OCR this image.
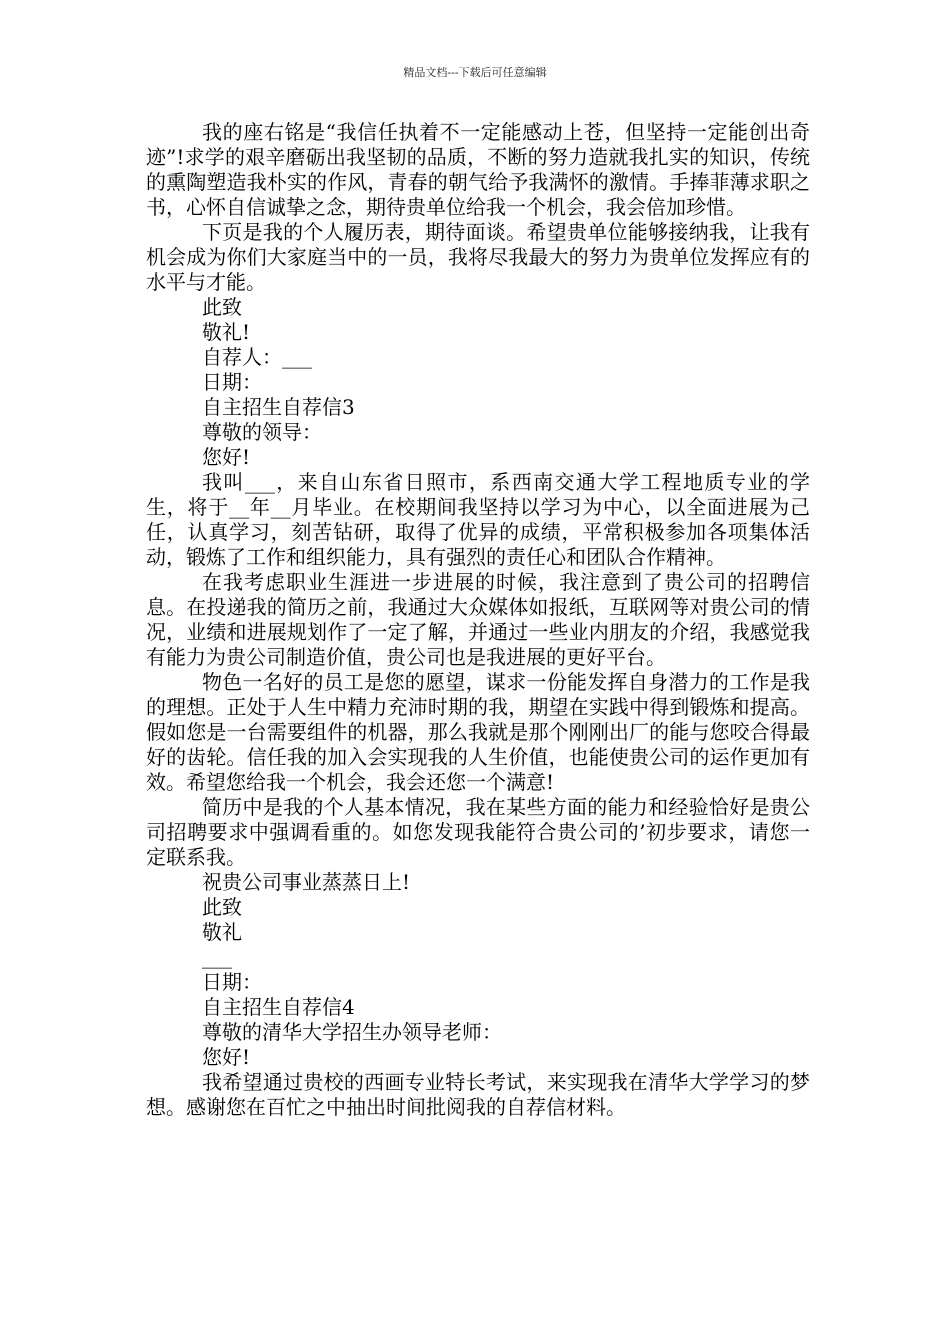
精品文档---下载后可任意编辑

我的座右铭是“我信任执着不一定能感动上苍，但坚持一定能创出奇迹”!求学的艰辛磨砺出我坚韧的品质，不断的努力造就我扎实的知识，传统的熏陶塑造我朴实的作风，青春的朝气给予我满怀的激情。手捧菲薄求职之书，心怀自信诚挚之念，期待贵单位给我一个机会，我会倍加珍惜。

下页是我的个人履历表，期待面谈。希望贵单位能够接纳我，让我有机会成为你们大家庭当中的一员，我将尽我最大的努力为贵单位发挥应有的水平与才能。

此致

敬礼!

自荐人：___

日期：

自主招生自荐信3

尊敬的领导：

您好!

我叫___，来自山东省日照市，系西南交通大学工程地质专业的学生，将于__年__月毕业。在校期间我坚持以学习为中心，以全面进展为己任，认真学习，刻苦钻研，取得了优异的成绩，平常积极参加各项集体活动，锻炼了工作和组织能力，具有强烈的责任心和团队合作精神。

在我考虑职业生涯进一步进展的时候，我注意到了贵公司的招聘信息。在投递我的简历之前，我通过大众媒体如报纸，互联网等对贵公司的情况，业绩和进展规划作了一定了解，并通过一些业内朋友的介绍，我感觉我有能力为贵公司制造价值，贵公司也是我进展的更好平台。

物色一名好的员工是您的愿望，谋求一份能发挥自身潜力的工作是我的理想。正处于人生中精力充沛时期的我，期望在实践中得到锻炼和提高。假如您是一台需要组件的机器，那么我就是那个刚刚出厂的能与您咬合得最好的齿轮。信任我的加入会实现我的人生价值，也能使贵公司的运作更加有效。希望您给我一个机会，我会还您一个满意!

简历中是我的个人基本情况，我在某些方面的能力和经验恰好是贵公司招聘要求中强调看重的。如您发现我能符合贵公司的’初步要求，请您一定联系我。

祝贵公司事业蒸蒸日上!

此致

敬礼

___

日期：

自主招生自荐信4

尊敬的清华大学招生办领导老师：

您好!

我希望通过贵校的西画专业特长考试，来实现我在清华大学学习的梦想。感谢您在百忙之中抽出时间批阅我的自荐信材料。
